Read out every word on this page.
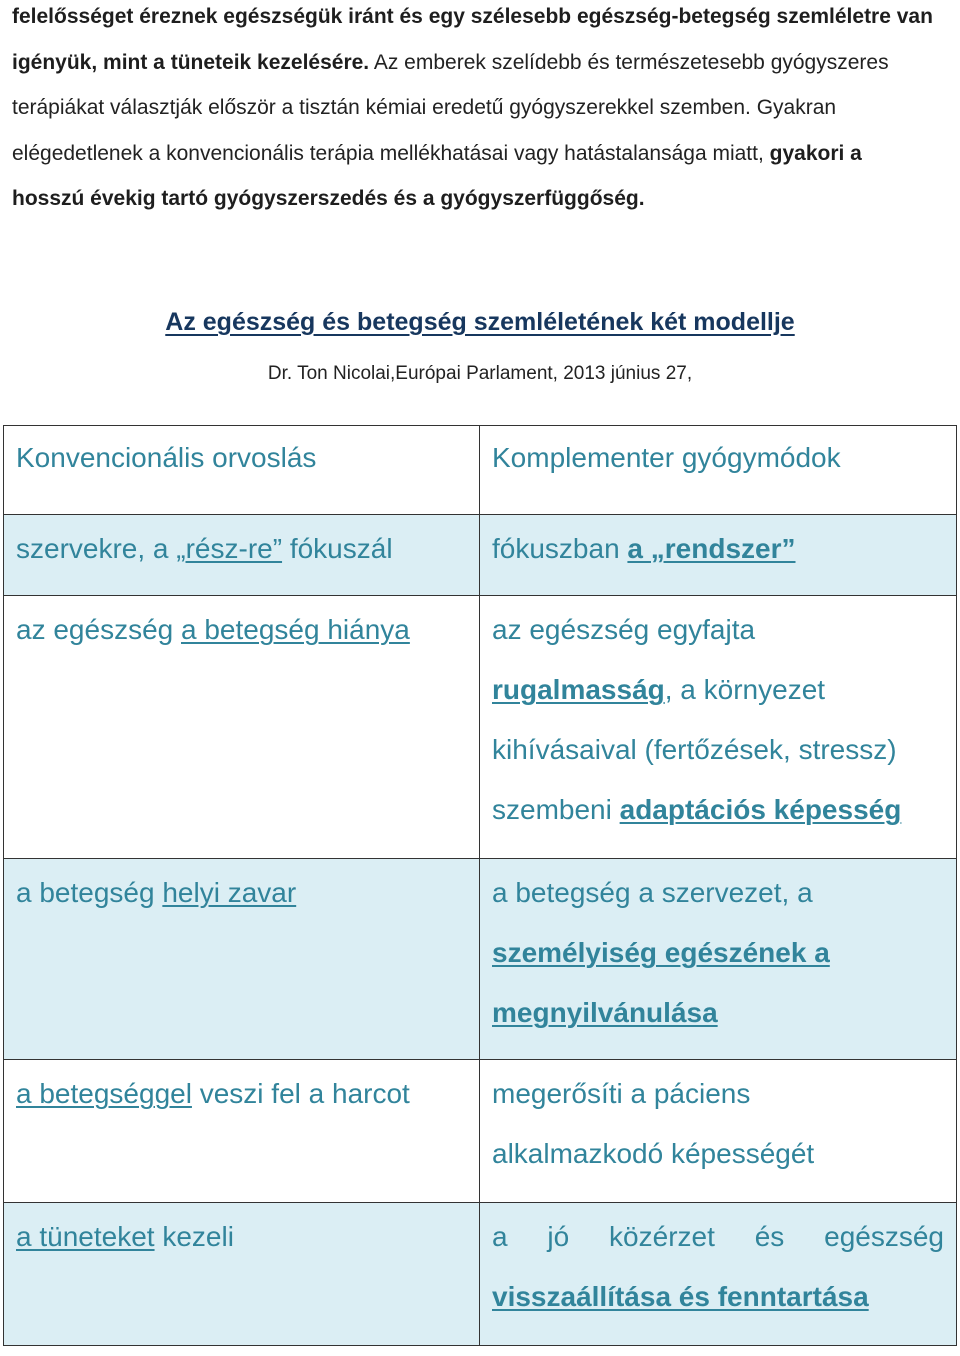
felelősséget éreznek egészségük iránt és egy szélesebb egészség-betegség szemléletre van
igényük, mint a tüneteik kezelésére. Az emberek szelídebb és természetesebb gyógyszeres
terápiákat választják először a tisztán kémiai eredetű gyógyszerekkel szemben. Gyakran
elégedetlenek a konvencionális terápia mellékhatásai vagy hatástalansága miatt, gyakori a
hosszú évekig tartó gyógyszerszedés és a gyógyszerfüggőség.
Az egészség és betegség szemléletének két modellje
Dr. Ton Nicolai,Európai Parlament, 2013 június 27,
Konvencionális orvoslás	Komplementer gyógymódok

szervekre, a „rész-re” fókuszál	fókuszban a „rendszer”

az egészség a betegség hiánya	az egészség egyfajta
rugalmasság, a környezet
kihívásaival (fertőzések, stressz)
szembeni adaptációs képesség

a betegség helyi zavar	a betegség a szervezet, a
személyiség egészének a
megnyilvánulása

a betegséggel veszi fel a harcot	megerősíti a páciens
alkalmazkodó képességét

a tüneteket kezeli	a jó közérzet és egészség
visszaállítása és fenntartása
